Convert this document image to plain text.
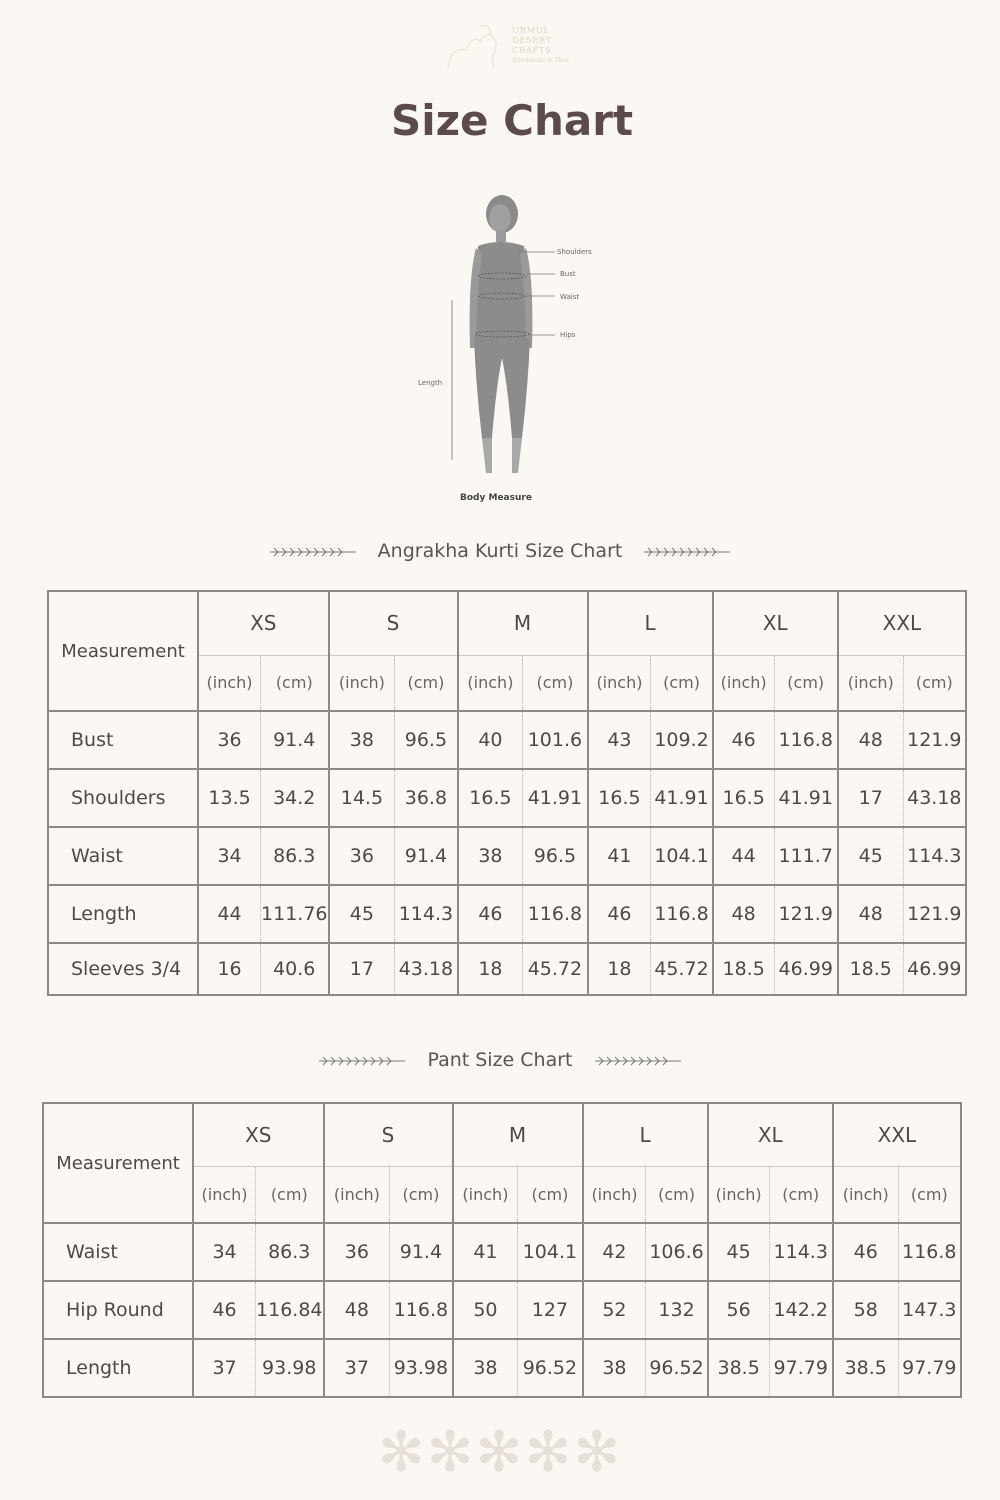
URMUL
DESERT
CRAFTS
Handmade in Thar
Size Chart
Shoulders
Bust
Waist
Hips
Length
Body Measure
Angrakha Kurti Size Chart
Measurement	XS		S		M		L		XL		XXL	
	(inch)	(cm)	(inch)	(cm)	(inch)	(cm)	(inch)	(cm)	(inch)	(cm)	(inch)	(cm)
Bust	36	91.4	38	96.5	40	101.6	43	109.2	46	116.8	48	121.9
Shoulders	13.5	34.2	14.5	36.8	16.5	41.91	16.5	41.91	16.5	41.91	17	43.18
Waist	34	86.3	36	91.4	38	96.5	41	104.1	44	111.7	45	114.3
Length	44	111.76	45	114.3	46	116.8	46	116.8	48	121.9	48	121.9
Sleeves 3/4	16	40.6	17	43.18	18	45.72	18	45.72	18.5	46.99	18.5	46.99
Pant Size Chart
Measurement	XS		S		M		L		XL		XXL	
	(inch)	(cm)	(inch)	(cm)	(inch)	(cm)	(inch)	(cm)	(inch)	(cm)	(inch)	(cm)
Waist	34	86.3	36	91.4	41	104.1	42	106.6	45	114.3	46	116.8
Hip Round	46	116.84	48	116.8	50	127	52	132	56	142.2	58	147.3
Length	37	93.98	37	93.98	38	96.52	38	96.52	38.5	97.79	38.5	97.79
✻✻✻✻✻
